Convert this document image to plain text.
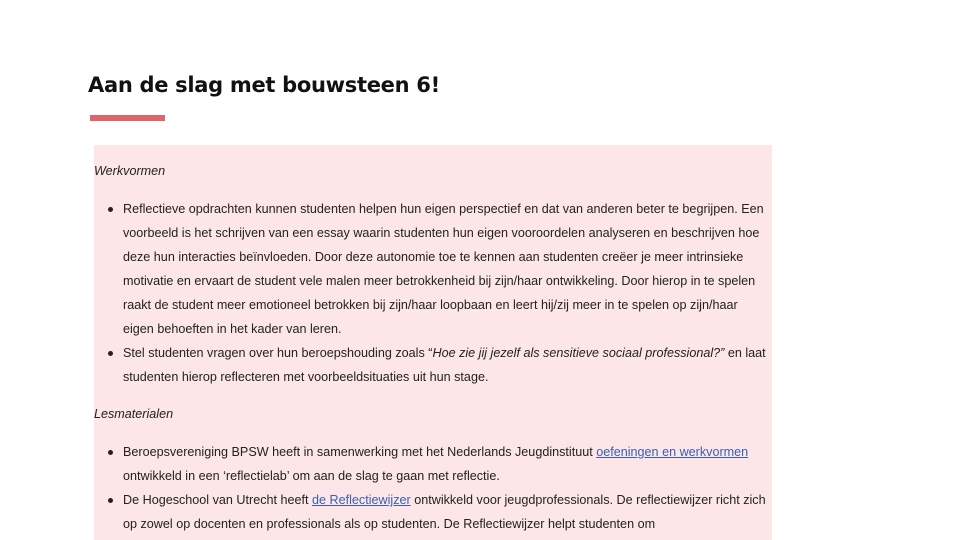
Aan de slag met bouwsteen 6!
Werkvormen
Reflectieve opdrachten kunnen studenten helpen hun eigen perspectief en dat van anderen beter te begrijpen. Een voorbeeld is het schrijven van een essay waarin studenten hun eigen vooroordelen analyseren en beschrijven hoe deze hun interacties beïnvloeden. Door deze autonomie toe te kennen aan studenten creëer je meer intrinsieke motivatie en ervaart de student vele malen meer betrokkenheid bij zijn/haar ontwikkeling. Door hierop in te spelen raakt de student meer emotioneel betrokken bij zijn/haar loopbaan en leert hij/zij meer in te spelen op zijn/haar eigen behoeften in het kader van leren.
Stel studenten vragen over hun beroepshouding zoals “Hoe zie jij jezelf als sensitieve sociaal professional?” en laat studenten hierop reflecteren met voorbeeldsituaties uit hun stage.
Lesmaterialen
Beroepsvereniging BPSW heeft in samenwerking met het Nederlands Jeugdinstituut oefeningen en werkvormen ontwikkeld in een ‘reflectielab’ om aan de slag te gaan met reflectie.
De Hogeschool van Utrecht heeft de Reflectiewijzer ontwikkeld voor jeugdprofessionals. De reflectiewijzer richt zich op zowel op docenten en professionals als op studenten. De Reflectiewijzer helpt studenten om
